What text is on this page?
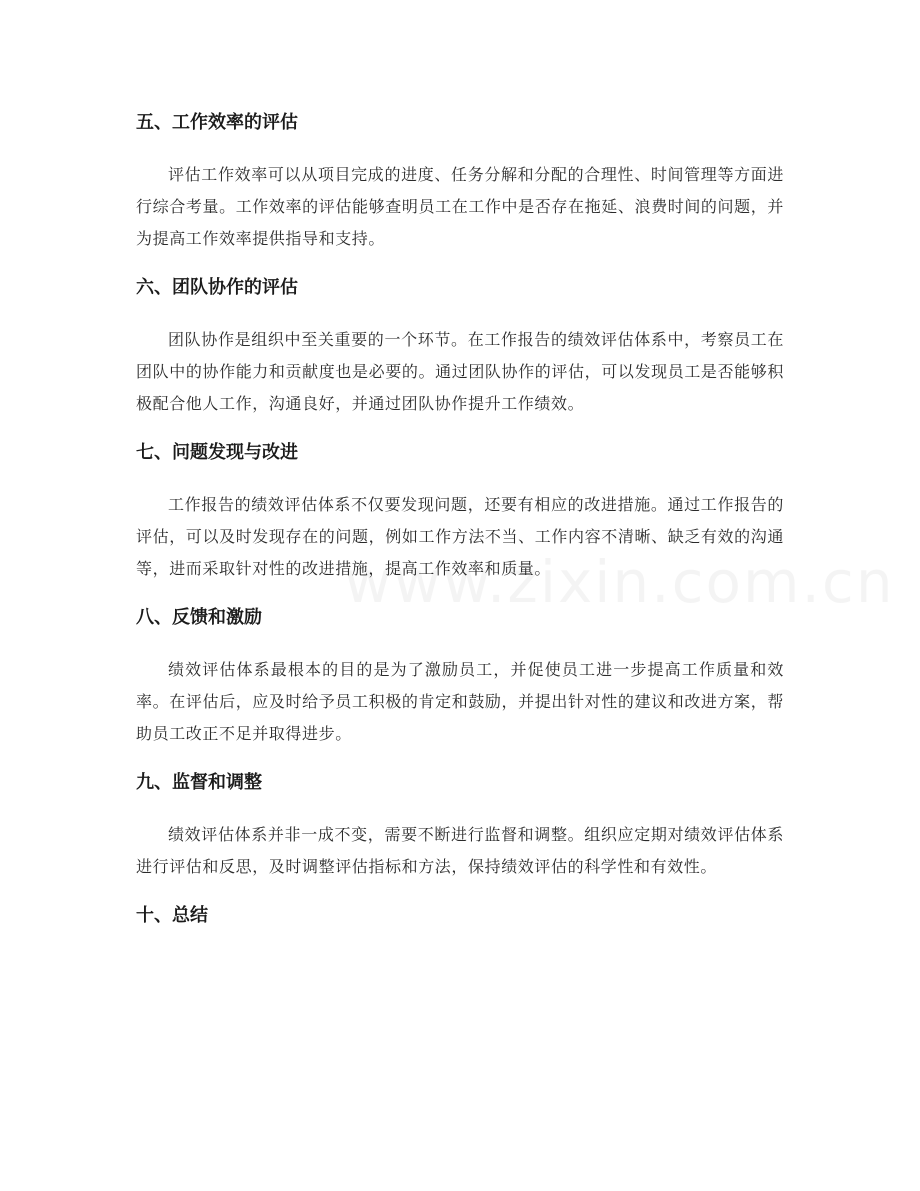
五、工作效率的评估
评估工作效率可以从项目完成的进度、任务分解和分配的合理性、时间管理等方面进行综合考量。工作效率的评估能够查明员工在工作中是否存在拖延、浪费时间的问题，并为提高工作效率提供指导和支持。
六、团队协作的评估
团队协作是组织中至关重要的一个环节。在工作报告的绩效评估体系中，考察员工在团队中的协作能力和贡献度也是必要的。通过团队协作的评估，可以发现员工是否能够积极配合他人工作，沟通良好，并通过团队协作提升工作绩效。
七、问题发现与改进
工作报告的绩效评估体系不仅要发现问题，还要有相应的改进措施。通过工作报告的评估，可以及时发现存在的问题，例如工作方法不当、工作内容不清晰、缺乏有效的沟通等，进而采取针对性的改进措施，提高工作效率和质量。
八、反馈和激励
绩效评估体系最根本的目的是为了激励员工，并促使员工进一步提高工作质量和效率。在评估后，应及时给予员工积极的肯定和鼓励，并提出针对性的建议和改进方案，帮助员工改正不足并取得进步。
九、监督和调整
绩效评估体系并非一成不变，需要不断进行监督和调整。组织应定期对绩效评估体系进行评估和反思，及时调整评估指标和方法，保持绩效评估的科学性和有效性。
十、总结
